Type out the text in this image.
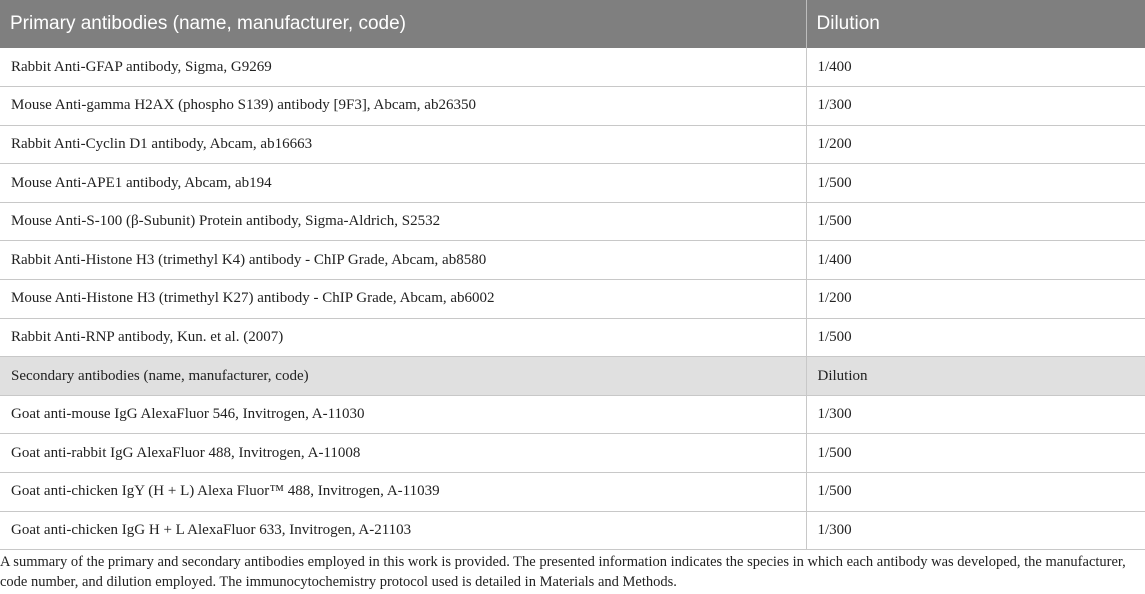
Primary antibodies (name, manufacturer, code)	Dilution
Rabbit Anti-GFAP antibody, Sigma, G9269	1/400
Mouse Anti-gamma H2AX (phospho S139) antibody [9F3], Abcam, ab26350	1/300
Rabbit Anti-Cyclin D1 antibody, Abcam, ab16663	1/200
Mouse Anti-APE1 antibody, Abcam, ab194	1/500
Mouse Anti-S-100 (β-Subunit) Protein antibody, Sigma-Aldrich, S2532	1/500
Rabbit Anti-Histone H3 (trimethyl K4) antibody - ChIP Grade, Abcam, ab8580	1/400
Mouse Anti-Histone H3 (trimethyl K27) antibody - ChIP Grade, Abcam, ab6002	1/200
Rabbit Anti-RNP antibody, Kun. et al. (2007)	1/500
Secondary antibodies (name, manufacturer, code)	Dilution
Goat anti-mouse IgG AlexaFluor 546, Invitrogen, A-11030	1/300
Goat anti-rabbit IgG AlexaFluor 488, Invitrogen, A-11008	1/500
Goat anti-chicken IgY (H + L) Alexa Fluor™ 488, Invitrogen, A-11039	1/500
Goat anti-chicken IgG H + L AlexaFluor 633, Invitrogen, A-21103	1/300
A summary of the primary and secondary antibodies employed in this work is provided. The presented information indicates the species in which each antibody was developed, the manufacturer, code number, and dilution employed. The immunocytochemistry protocol used is detailed in Materials and Methods.
